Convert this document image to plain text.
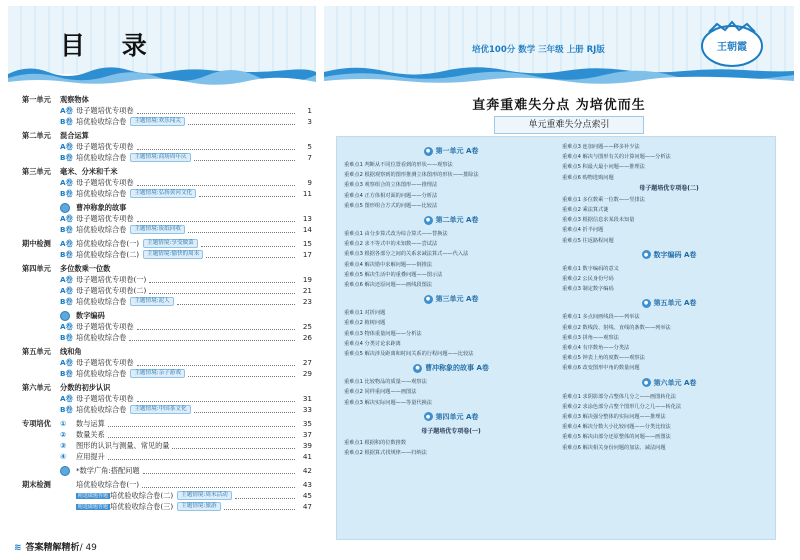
目 录
第一单元	观察物体
A卷 母子题培优专项卷	1
B卷 培优验收综合卷	主题情境:欢乐闯关	3
第二单元	混合运算
A卷 母子题培优专项卷	5
B卷 培优验收综合卷	主题情境:商场周年庆	7
第三单元	毫米、分米和千米
A卷 母子题培优专项卷	9
B卷 培优验收综合卷	主题情境:弘扬黄河文化	11
曹冲称象的故事
A卷 母子题培优专项卷	13
B卷 培优验收综合卷	主题情境:废纸回收	14
期中检测	A卷 培优验收综合卷(一)	主题情境:享受做菜	15
B卷 培优验收综合卷(二)	主题情境:愉快的周末	17
第四单元	多位数乘一位数
A卷 母子题培优专项卷(一)	19
A卷 母子题培优专项卷(二)	21
B卷 培优验收综合卷	主题情境:泥人	23
数字编码
A卷 母子题培优专项卷	25
B卷 培优验收综合卷	26
第五单元	线和角
A卷 母子题培优专项卷	27
B卷 培优验收综合卷	主题情境:亲子游戏	29
第六单元	分数的初步认识
A卷 母子题培优专项卷	31
B卷 培优验收综合卷	主题情境:中国茶文化	33
专项培优	①	数与运算	35
②	数量关系	37
③	图形的认识与测量、常见的量	39
④	应用提升	41
*数学广角:搭配问题	42
期末检测	培优验收综合卷(一)	43
附选做题答题 培优验收综合卷(二)	主题情境:周末活动	45
附选做题答题 培优验收综合卷(三)	主题情境:旅游	47
≋ 答案精解精析/ 49
培优100分 数学 三年级 上册 RJ版	王朝霞
直奔重难失分点 为培优而生
单元重难失分点索引
● 第一单元 A卷
重难点1 判断从不同位置看到的形状——观察法
重难点2 根据观察到的图形推测立体图形的形状——排除法
重难点3 观察组合的立体图形——推理法
重难点4 正方体相对面的问题——分析法
重难点5 图形组合方式的问题——比较法
● 第二单元 A卷
重难点1 由分步算式改为综合算式——替换法
重难点2 求不等式中的未知数——尝试法
重难点3 根据各部分之间的关系求减法算式——代入法
重难点4 解决错中求解问题——倒推法
重难点5 解决生活中的重叠问题——图示法
重难点6 解决还原问题——画线段图法
● 第三单元 A卷
重难点1 对折问题
重难点2 植树问题
重难点3 物体重量问题——分析法
重难点4 分类讨论求距离
重难点5 解决涉及距离和时间关系的行程问题——比较法
● 曹冲称象的故事 A卷
重难点1 比较物品的质量——观察法
重难点2 同样重问题——画图法
重难点3 解决实际问题——等量代换法
● 第四单元 A卷
母子题培优专项卷(一)
重难点1 根据积的位数推数
重难点2 根据算式找规律——归纳法
重难点3 连加问题——移多补少法
重难点4 解决与图形有关的计算问题——分析法
重难点5 积最大最小问题——推理法
重难点6 购物选购问题
母子题培优专项卷(二)
重难点1 多位数乘一位数——竖排法
重难点2 乘法算式谜
重难点3 根据信息求某段未知量
重难点4 折半问题
重难点5 往返路程问题
● 数字编码 A卷
重难点1 数字编码的意义
重难点2 公民身份号码
重难点3 制定数字编码
● 第五单元 A卷
重难点1 多点间画线段——列举法
重难点2 数线段、射线、直线的条数——列举法
重难点3 拼角——观察法
重难点4 有序数角——分类法
重难点5 钟表上角的度数——观察法
重难点6 改变图形中角的数量问题
● 第六单元 A卷
重难点1 求阴影部分占整体几分之——画图转化法
重难点2 求涂色部分占整个图形几分之几——转化法
重难点3 解决强分整体的实际问题——推理法
重难点4 解决分数大小比较问题——分类比较法
重难点5 解决由部分还原整体的问题——画图法
重难点6 解决相关身份问题的加法、减法问题
